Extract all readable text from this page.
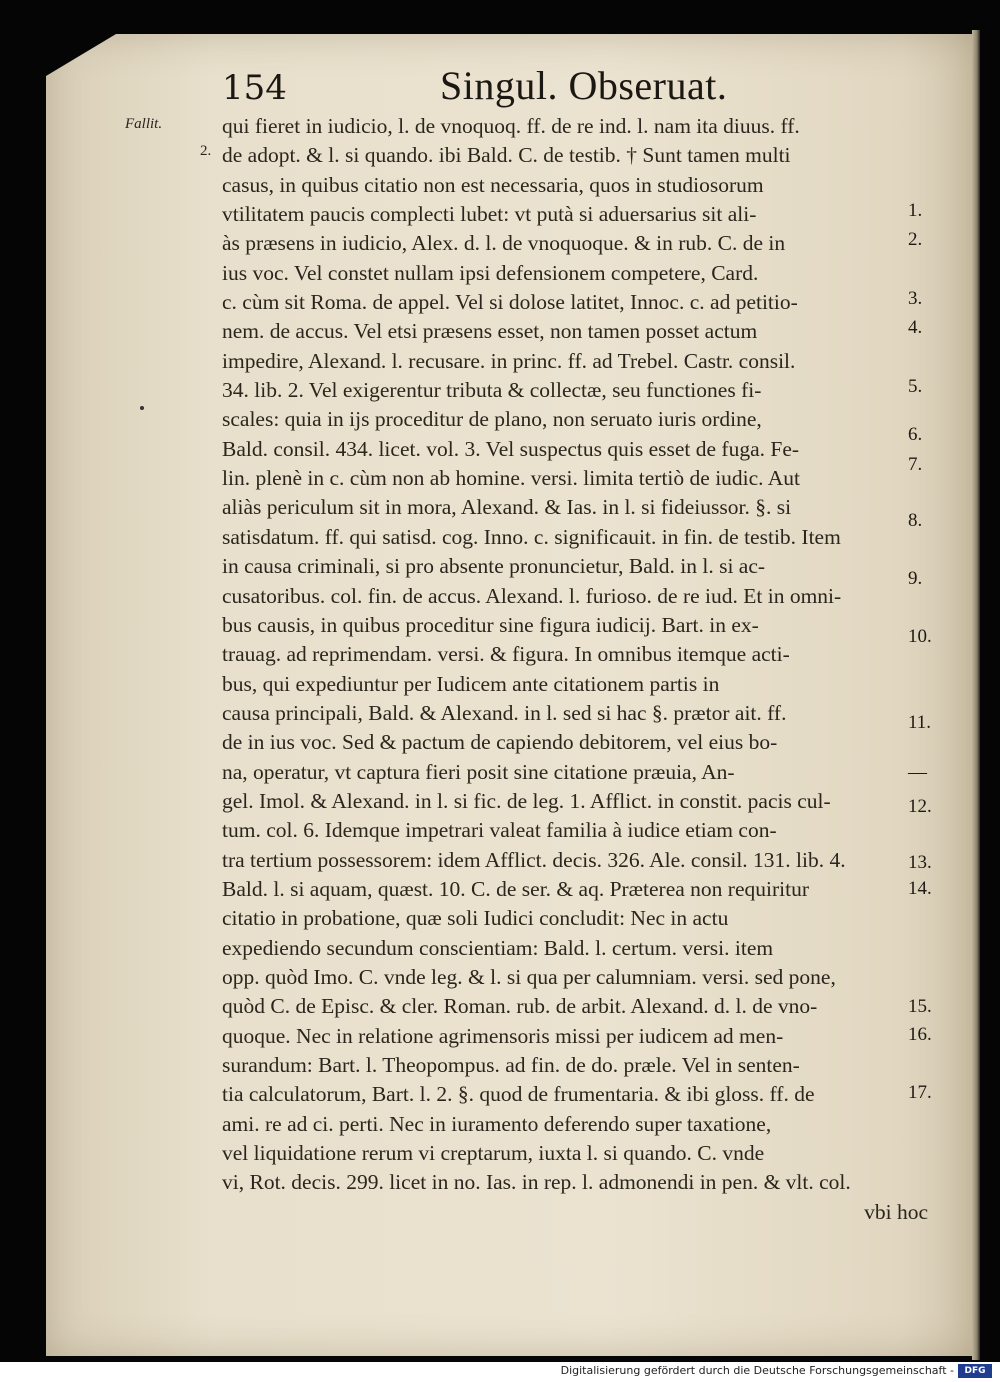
154	Singul. Obseruat.
Fallit.
2.
qui fieret in iudicio, l. de vnoquoq. ff. de re ind. l. nam ita diuus. ff.
de adopt. & l. si quando. ibi Bald. C. de testib. † Sunt tamen multi
casus, in quibus citatio non est necessaria, quos in studiosorum
vtilitatem paucis complecti lubet: vt putà si aduersarius sit ali-
às præsens in iudicio, Alex. d. l. de vnoquoque. & in rub. C. de in
ius voc. Vel constet nullam ipsi defensionem competere, Card.
c. cùm sit Roma. de appel. Vel si dolose latitet, Innoc. c. ad petitio-
nem. de accus. Vel etsi præsens esset, non tamen posset actum
impedire, Alexand. l. recusare. in princ. ff. ad Trebel. Castr. consil.
34. lib. 2. Vel exigerentur tributa & collectæ, seu functiones fi-
scales: quia in ijs proceditur de plano, non seruato iuris ordine,
Bald. consil. 434. licet. vol. 3. Vel suspectus quis esset de fuga. Fe-
lin. plenè in c. cùm non ab homine. versi. limita tertiò de iudic. Aut
aliàs periculum sit in mora, Alexand. & Ias. in l. si fideiussor. §. si
satisdatum. ff. qui satisd. cog. Inno. c. significauit. in fin. de testib. Item
in causa criminali, si pro absente pronuncietur, Bald. in l. si ac-
cusatoribus. col. fin. de accus. Alexand. l. furioso. de re iud. Et in omni-
bus causis, in quibus proceditur sine figura iudicij. Bart. in ex-
trauag. ad reprimendam. versi. & figura. In omnibus itemque acti-
bus, qui expediuntur per Iudicem ante citationem partis in
causa principali, Bald. & Alexand. in l. sed si hac §. prætor ait. ff.
de in ius voc. Sed & pactum de capiendo debitorem, vel eius bo-
na, operatur, vt captura fieri posit sine citatione præuia, An-
gel. Imol. & Alexand. in l. si fic. de leg. 1. Afflict. in constit. pacis cul-
tum. col. 6. Idemque impetrari valeat familia à iudice etiam con-
tra tertium possessorem: idem Afflict. decis. 326. Ale. consil. 131. lib. 4.
Bald. l. si aquam, quæst. 10. C. de ser. & aq. Præterea non requiritur
citatio in probatione, quæ soli Iudici concludit: Nec in actu
expediendo secundum conscientiam: Bald. l. certum. versi. item
opp. quòd Imo. C. vnde leg. & l. si qua per calumniam. versi. sed pone,
quòd C. de Episc. & cler. Roman. rub. de arbit. Alexand. d. l. de vno-
quoque. Nec in relatione agrimensoris missi per iudicem ad men-
surandum: Bart. l. Theopompus. ad fin. de do. præle. Vel in senten-
tia calculatorum, Bart. l. 2. §. quod de frumentaria. & ibi gloss. ff. de
ami. re ad ci. perti. Nec in iuramento deferendo super taxatione,
vel liquidatione rerum vi creptarum, iuxta l. si quando. C. vnde
vi, Rot. decis. 299. licet in no. Ias. in rep. l. admonendi in pen. & vlt. col.
vbi hoc
1.
2.
3.
4.
5.
6.
7.
8.
9.
10.
11.
—
12.
13.
14.
15.
16.
17.
Digitalisierung gefördert durch die Deutsche Forschungsgemeinschaft -	DFG
